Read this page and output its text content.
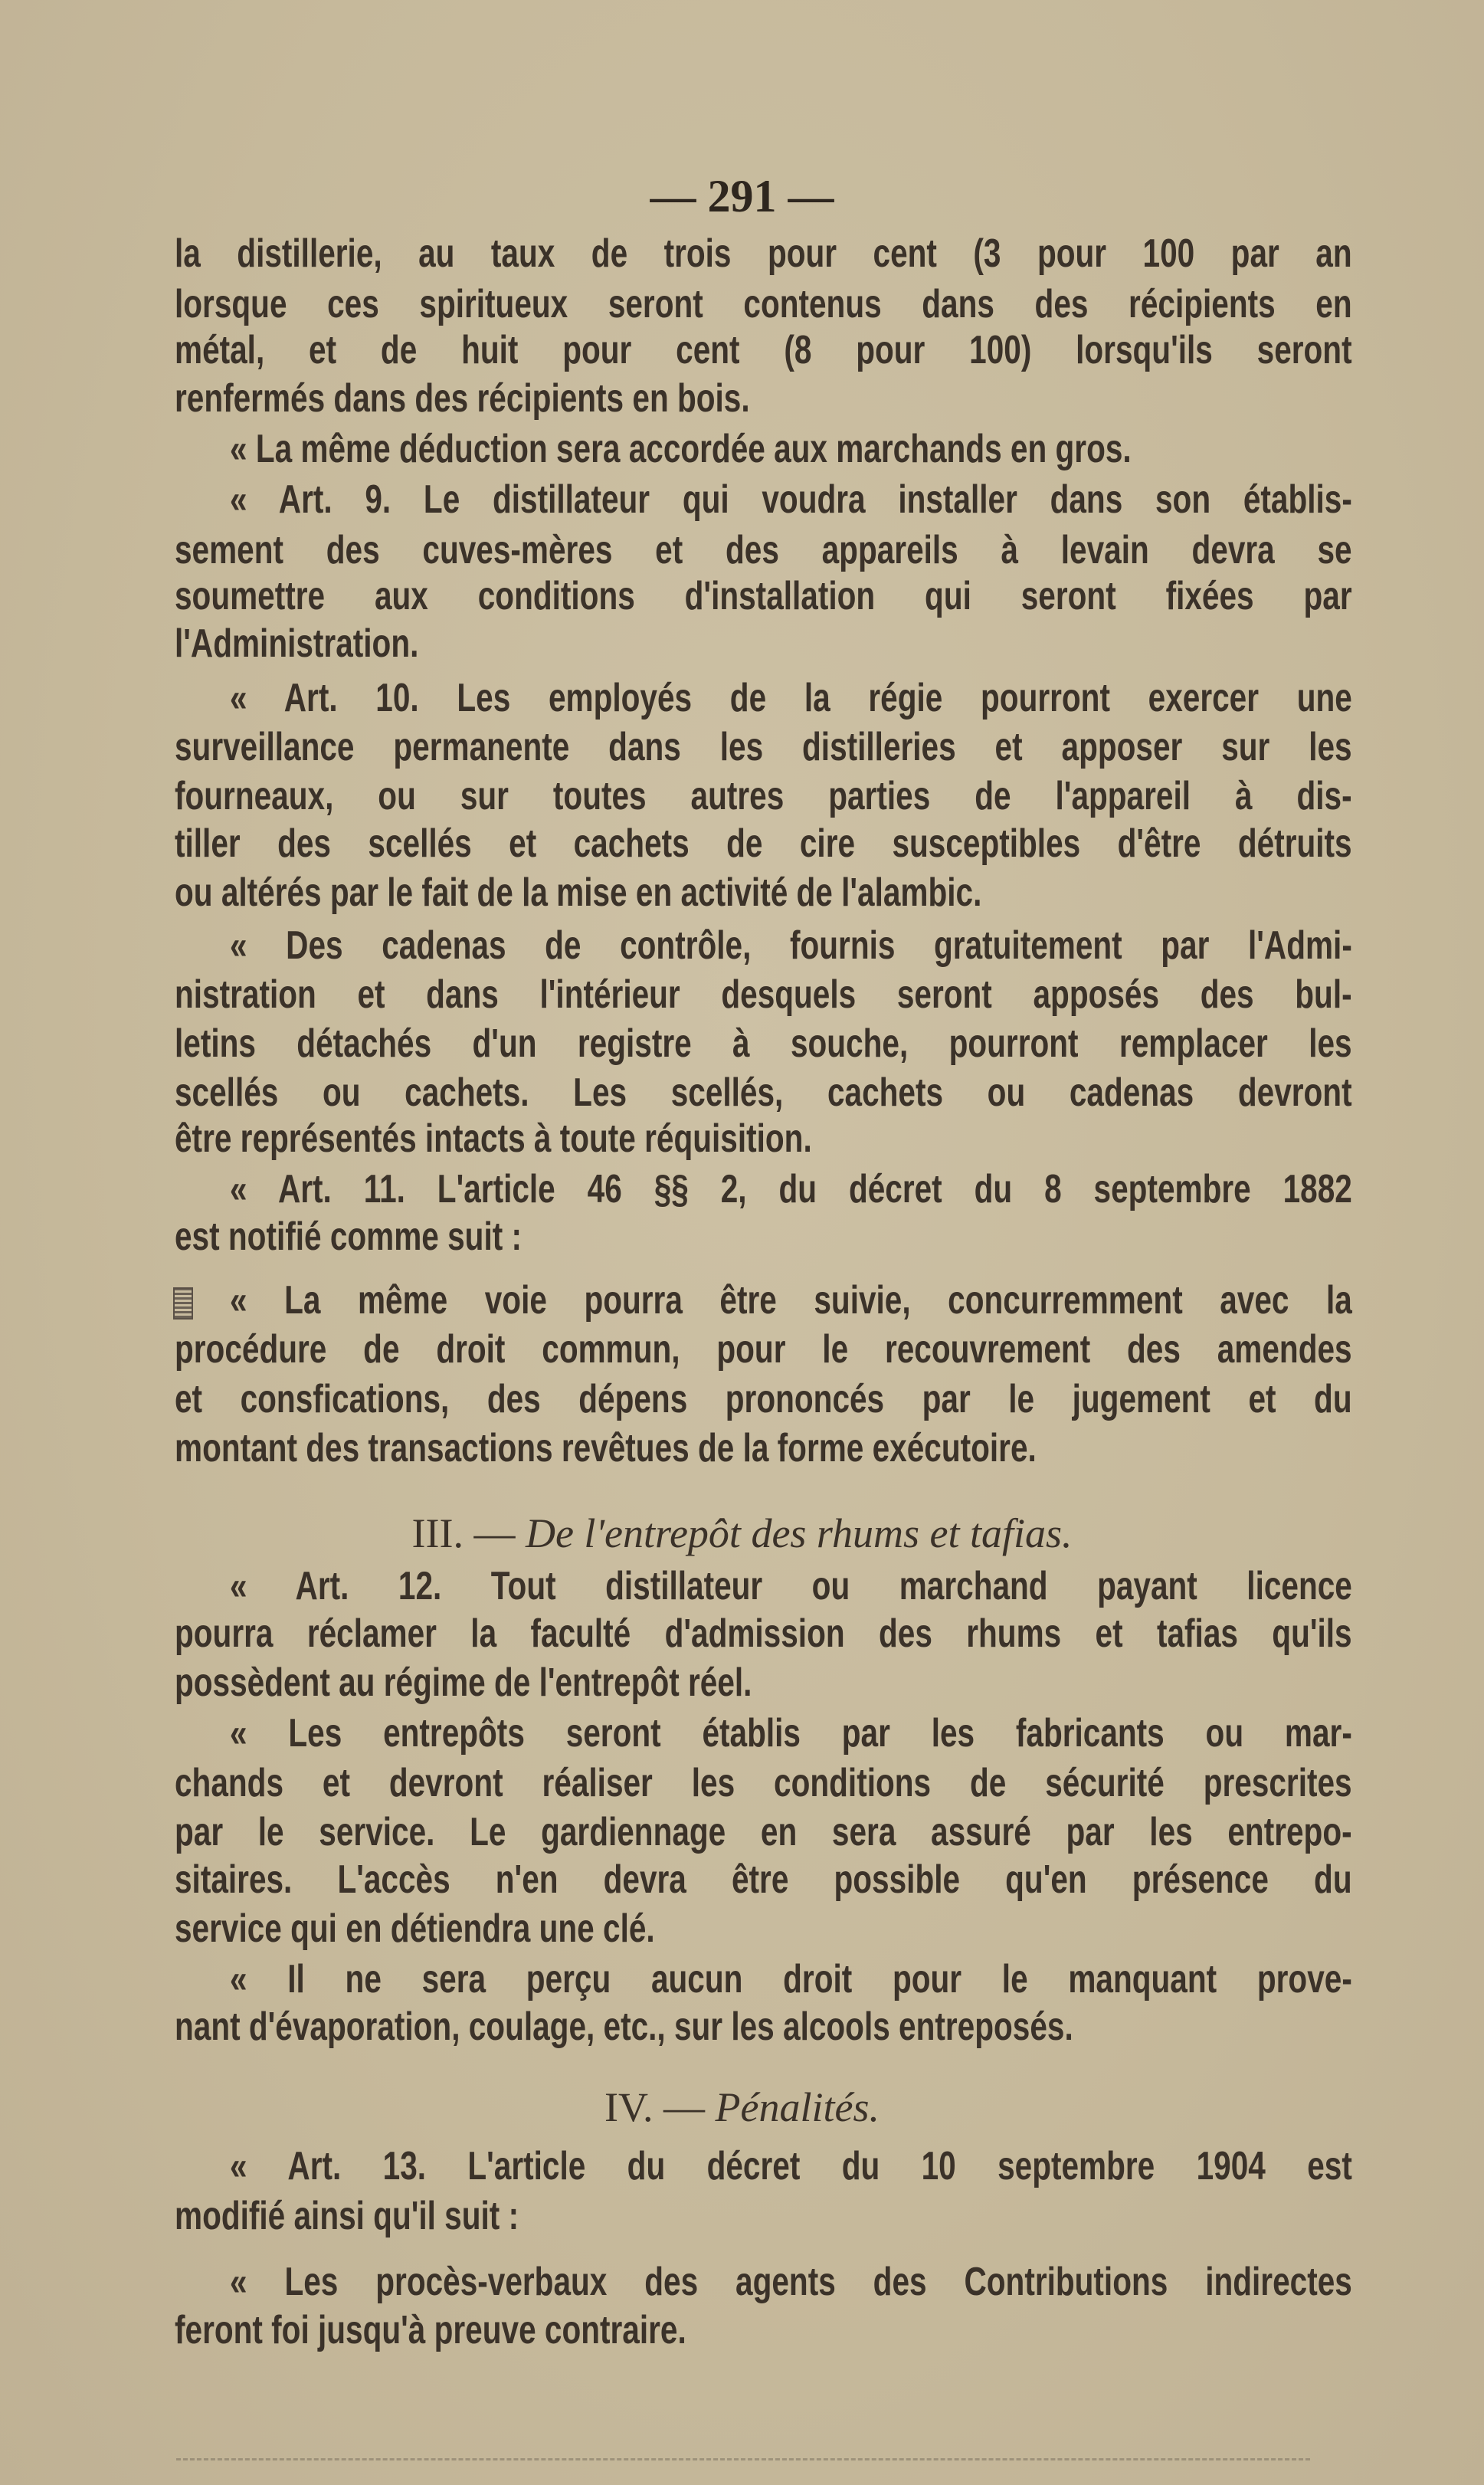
— 291 —
la distillerie, au taux de trois pour cent (3 pour 100 par an
lorsque ces spiritueux seront contenus dans des récipients en
métal, et de huit pour cent (8 pour 100) lorsqu'ils seront
renfermés dans des récipients en bois.
« La même déduction sera accordée aux marchands en gros.
« Art. 9. Le distillateur qui voudra installer dans son établis-
sement des cuves-mères et des appareils à levain devra se
soumettre aux conditions d'installation qui seront fixées par
l'Administration.
« Art. 10. Les employés de la régie pourront exercer une
surveillance permanente dans les distilleries et apposer sur les
fourneaux, ou sur toutes autres parties de l'appareil à dis-
tiller des scellés et cachets de cire susceptibles d'être détruits
ou altérés par le fait de la mise en activité de l'alambic.
« Des cadenas de contrôle, fournis gratuitement par l'Admi-
nistration et dans l'intérieur desquels seront apposés des bul-
letins détachés d'un registre à souche, pourront remplacer les
scellés ou cachets. Les scellés, cachets ou cadenas devront
être représentés intacts à toute réquisition.
« Art. 11. L'article 46 §§ 2, du décret du 8 septembre 1882
est notifié comme suit :
« La même voie pourra être suivie, concurremment avec la
procédure de droit commun, pour le recouvrement des amendes
et consfications, des dépens prononcés par le jugement et du
montant des transactions revêtues de la forme exécutoire.
« Art. 12. Tout distillateur ou marchand payant licence
pourra réclamer la faculté d'admission des rhums et tafias qu'ils
possèdent au régime de l'entrepôt réel.
« Les entrepôts seront établis par les fabricants ou mar-
chands et devront réaliser les conditions de sécurité prescrites
par le service. Le gardiennage en sera assuré par les entrepo-
sitaires. L'accès n'en devra être possible qu'en présence du
service qui en détiendra une clé.
« Il ne sera perçu aucun droit pour le manquant prove-
nant d'évaporation, coulage, etc., sur les alcools entreposés.
« Art. 13. L'article du décret du 10 septembre 1904 est
modifié ainsi qu'il suit :
« Les procès-verbaux des agents des Contributions indirectes
feront foi jusqu'à preuve contraire.
III. — De l'entrepôt des rhums et tafias.
IV. — Pénalités.
